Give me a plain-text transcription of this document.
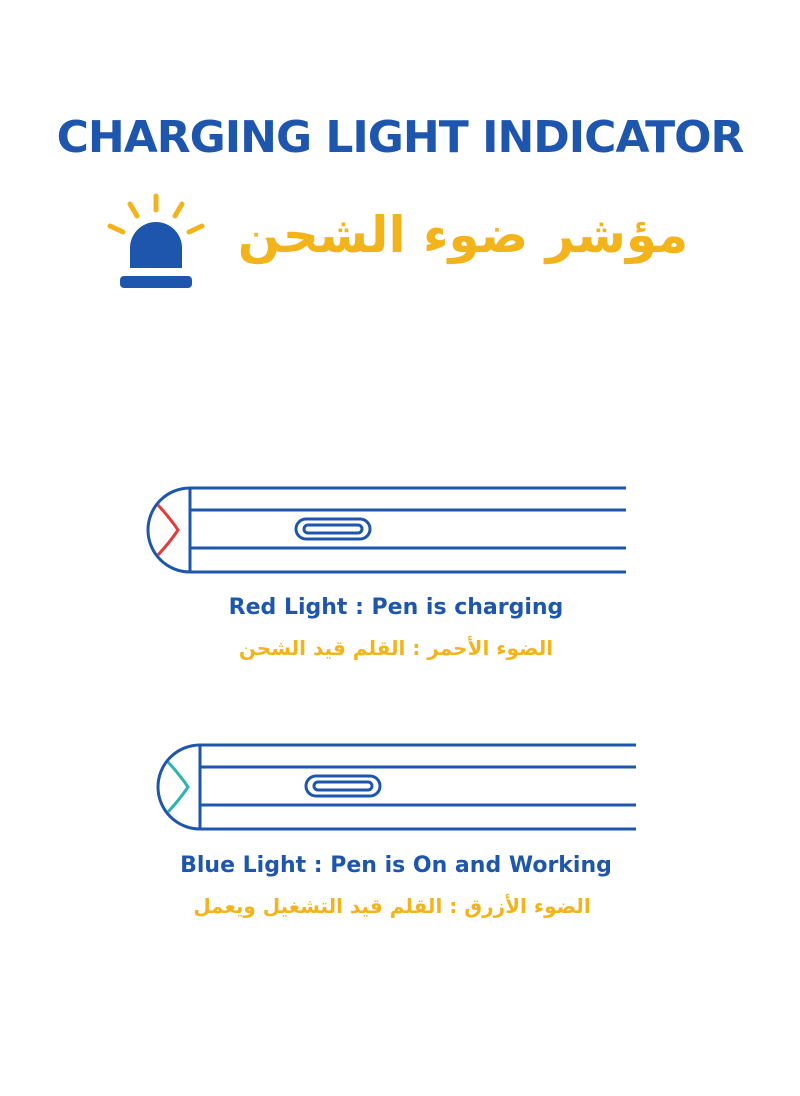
CHARGING LIGHT INDICATOR
مؤشر ضوء الشحن
Red Light : Pen is charging
الضوء الأحمر : القلم قيد الشحن
Blue Light : Pen is On and Working
الضوء الأزرق : القلم قيد التشغيل ويعمل
